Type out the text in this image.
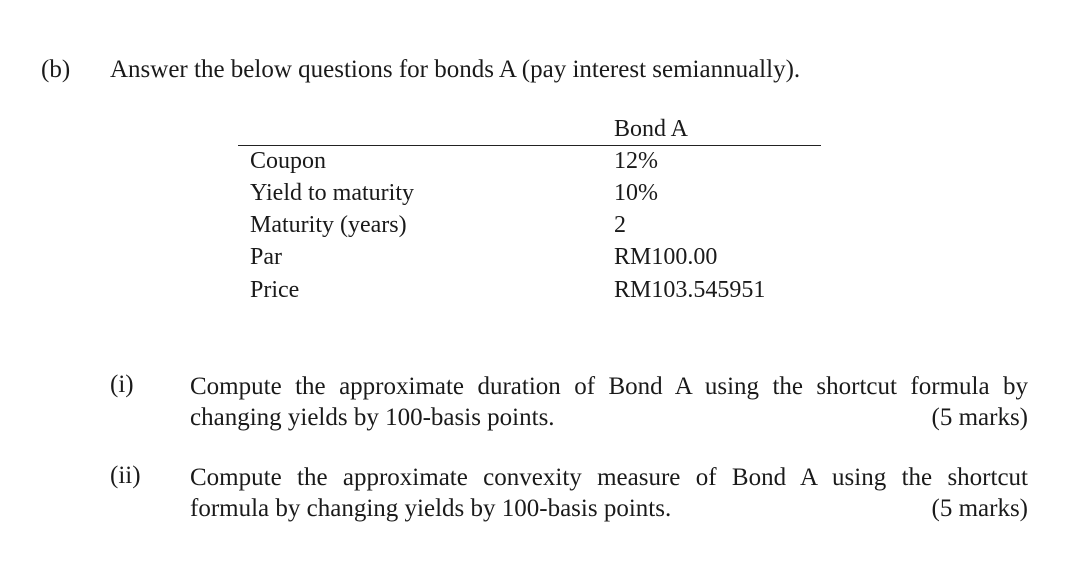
(b) Answer the below questions for bonds A (pay interest semiannually).
Bond A
Coupon	12%
Yield to maturity	10%
Maturity (years)	2
Par	RM100.00
Price	RM103.545951
(i) Compute the approximate duration of Bond A using the shortcut formula by
changing yields by 100-basis points.	(5 marks)
(ii) Compute the approximate convexity measure of Bond A using the shortcut
formula by changing yields by 100-basis points.	(5 marks)
